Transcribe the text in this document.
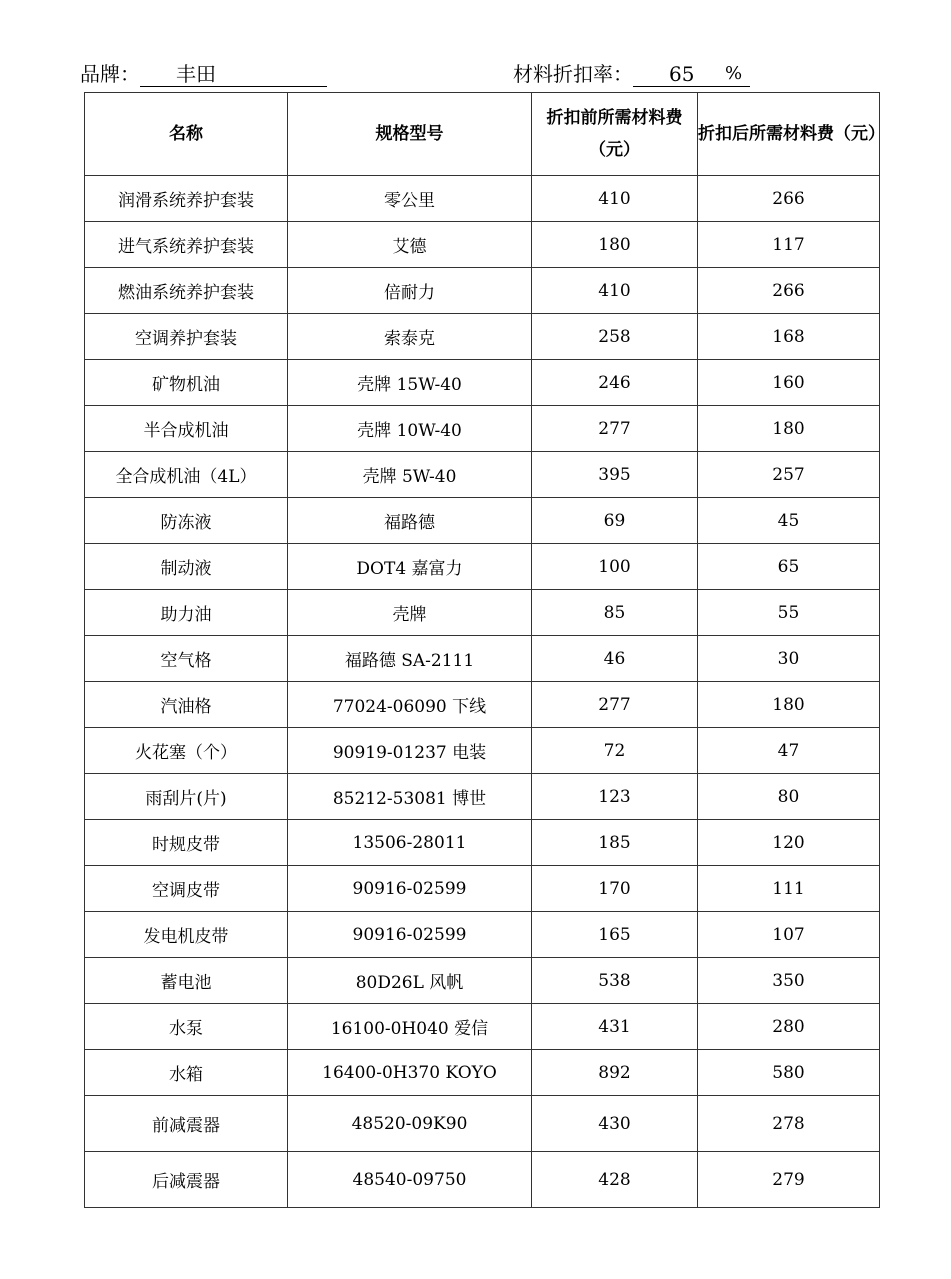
品牌： 丰田	材料折扣率： 65 %
名称	规格型号	折扣前所需材料费（元）	折扣后所需材料费（元）
润滑系统养护套装	零公里	410	266
进气系统养护套装	艾德	180	117
燃油系统养护套装	倍耐力	410	266
空调养护套装	索泰克	258	168
矿物机油	壳牌 15W-40	246	160
半合成机油	壳牌 10W-40	277	180
全合成机油（4L）	壳牌 5W-40	395	257
防冻液	福路德	69	45
制动液	DOT4 嘉富力	100	65
助力油	壳牌	85	55
空气格	福路德 SA-2111	46	30
汽油格	77024-06090 下线	277	180
火花塞（个）	90919-01237 电装	72	47
雨刮片(片)	85212-53081 博世	123	80
时规皮带	13506-28011	185	120
空调皮带	90916-02599	170	111
发电机皮带	90916-02599	165	107
蓄电池	80D26L 风帆	538	350
水泵	16100-0H040 爱信	431	280
水箱	16400-0H370 KOYO	892	580
前减震器	48520-09K90	430	278
后减震器	48540-09750	428	279
